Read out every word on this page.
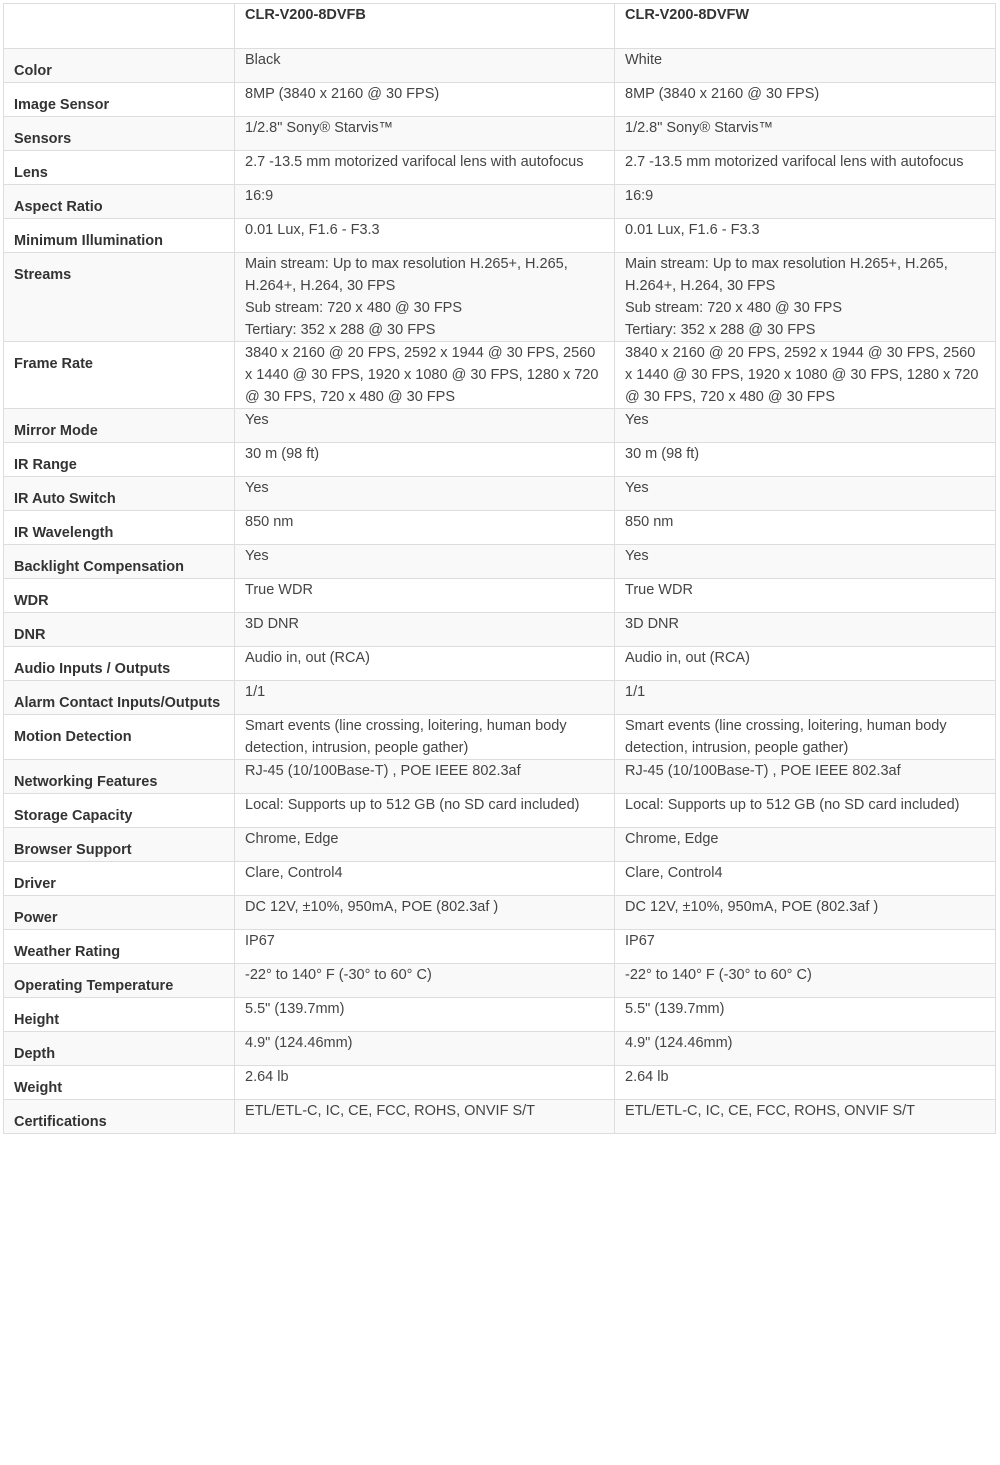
	CLR-V200-8DVFB	CLR-V200-8DVFW
Color	Black	White

Image Sensor	8MP (3840 x 2160 @ 30 FPS)	8MP (3840 x 2160 @ 30 FPS)

Sensors	1/2.8" Sony® Starvis™	1/2.8" Sony® Starvis™

Lens	2.7 -13.5 mm motorized varifocal lens with autofocus	2.7 -13.5 mm motorized varifocal lens with autofocus

Aspect Ratio	16:9	16:9

Minimum Illumination	0.01 Lux, F1.6 - F3.3	0.01 Lux, F1.6 - F3.3

Streams	Main stream: Up to max resolution H.265+, H.265, H.264+, H.264, 30 FPS
Sub stream: 720 x 480 @ 30 FPS
Tertiary: 352 x 288 @ 30 FPS	Main stream: Up to max resolution H.265+, H.265, H.264+, H.264, 30 FPS
Sub stream: 720 x 480 @ 30 FPS
Tertiary: 352 x 288 @ 30 FPS

Frame Rate	3840 x 2160 @ 20 FPS, 2592 x 1944 @ 30 FPS, 2560 x 1440 @ 30 FPS, 1920 x 1080 @ 30 FPS, 1280 x 720 @ 30 FPS, 720 x 480 @ 30 FPS	3840 x 2160 @ 20 FPS, 2592 x 1944 @ 30 FPS, 2560 x 1440 @ 30 FPS, 1920 x 1080 @ 30 FPS, 1280 x 720 @ 30 FPS, 720 x 480 @ 30 FPS

Mirror Mode	Yes	Yes

IR Range	30 m (98 ft)	30 m (98 ft)

IR Auto Switch	Yes	Yes

IR Wavelength	850 nm	850 nm

Backlight Compensation	Yes	Yes

WDR	True WDR	True WDR

DNR	3D DNR	3D DNR

Audio Inputs / Outputs	Audio in, out (RCA)	Audio in, out (RCA)

Alarm Contact Inputs/Outputs	1/1	1/1

Motion Detection	Smart events (line crossing, loitering, human body detection, intrusion, people gather)	Smart events (line crossing, loitering, human body detection, intrusion, people gather)

Networking Features	RJ-45 (10/100Base-T) , POE IEEE 802.3af	RJ-45 (10/100Base-T) , POE IEEE 802.3af

Storage Capacity	Local: Supports up to 512 GB (no SD card included)	Local: Supports up to 512 GB (no SD card included)

Browser Support	Chrome, Edge	Chrome, Edge

Driver	Clare, Control4	Clare, Control4

Power	DC 12V, ±10%, 950mA, POE (802.3af )	DC 12V, ±10%, 950mA, POE (802.3af )

Weather Rating	IP67	IP67

Operating Temperature	-22° to 140° F (-30° to 60° C)	-22° to 140° F (-30° to 60° C)

Height	5.5" (139.7mm)	5.5" (139.7mm)

Depth	4.9" (124.46mm)	4.9" (124.46mm)

Weight	2.64 lb	2.64 lb

Certifications	ETL/ETL-C, IC, CE, FCC, ROHS, ONVIF S/T	ETL/ETL-C, IC, CE, FCC, ROHS, ONVIF S/T
